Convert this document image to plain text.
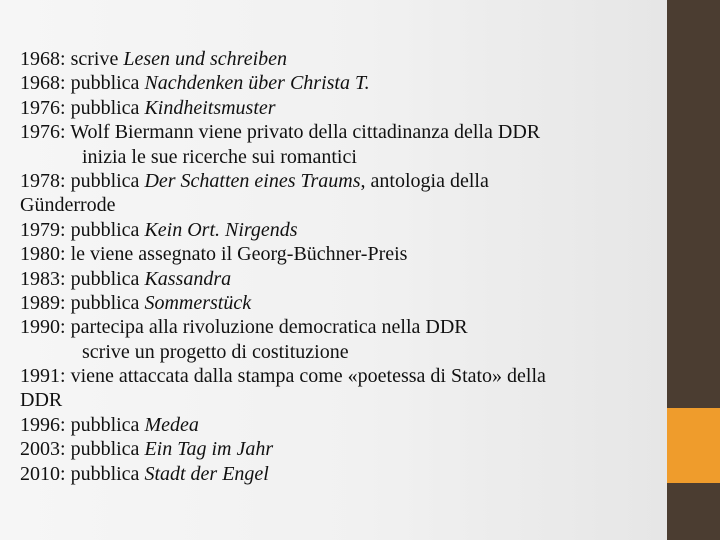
1968: scrive Lesen und schreiben
1968: pubblica Nachdenken über Christa T.
1976: pubblica Kindheitsmuster
1976: Wolf Biermann viene privato della cittadinanza della DDR
inizia le sue ricerche sui romantici
1978: pubblica Der Schatten eines Traums, antologia della
Günderrode
1979: pubblica Kein Ort. Nirgends
1980: le viene assegnato il Georg-Büchner-Preis
1983: pubblica Kassandra
1989: pubblica Sommerstück
1990: partecipa alla rivoluzione democratica nella DDR
scrive un progetto di costituzione
1991: viene attaccata dalla stampa come «poetessa di Stato» della
DDR
1996: pubblica Medea
2003: pubblica Ein Tag im Jahr
2010: pubblica Stadt der Engel
